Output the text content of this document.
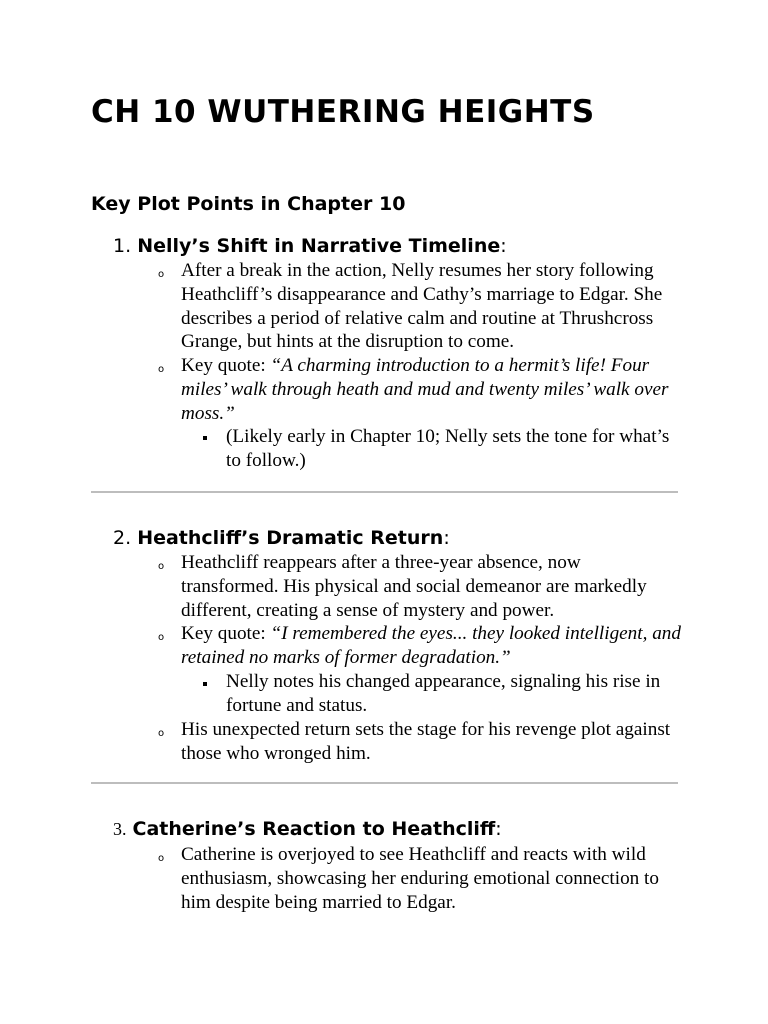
CH 10 WUTHERING HEIGHTS
Key Plot Points in Chapter 10
1. Nelly’s Shift in Narrative Timeline:
o After a break in the action, Nelly resumes her story following Heathcliff’s disappearance and Cathy’s marriage to Edgar. She describes a period of relative calm and routine at Thrushcross Grange, but hints at the disruption to come.

o Key quote: “A charming introduction to a hermit’s life! Four miles’ walk through heath and mud and twenty miles’ walk over moss.”

(Likely early in Chapter 10; Nelly sets the tone for what’s to follow.)

2. Heathcliff’s Dramatic Return:
o Heathcliff reappears after a three-year absence, now transformed. His physical and social demeanor are markedly different, creating a sense of mystery and power.

o Key quote: “I remembered the eyes... they looked intelligent, and retained no marks of former degradation.”

Nelly notes his changed appearance, signaling his rise in fortune and status.

o His unexpected return sets the stage for his revenge plot against those who wronged him.

3. Catherine’s Reaction to Heathcliff:
o Catherine is overjoyed to see Heathcliff and reacts with wild enthusiasm, showcasing her enduring emotional connection to him despite being married to Edgar.
